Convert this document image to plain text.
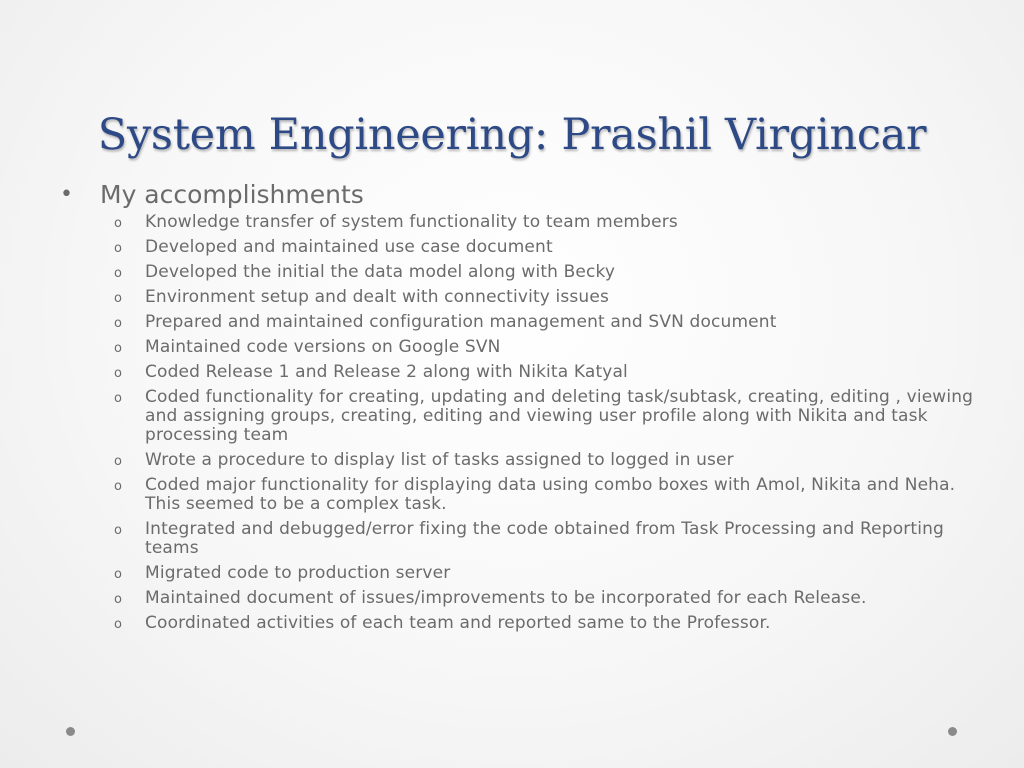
System Engineering: Prashil Virgincar
• My accomplishments
o Knowledge transfer of system functionality to team members
o Developed and maintained use case document
o Developed the initial the data model along with Becky
o Environment setup and dealt with connectivity issues
o Prepared and maintained configuration management and SVN document
o Maintained code versions on Google SVN
o Coded Release 1 and Release 2 along with Nikita Katyal
o Coded functionality for creating, updating and deleting task/subtask, creating, editing , viewing and assigning groups, creating, editing and viewing user profile along with Nikita and task processing team
o Wrote a procedure to display list of tasks assigned to logged in user
o Coded major functionality for displaying data using combo boxes with Amol, Nikita and Neha. This seemed to be a complex task.
o Integrated and debugged/error fixing the code obtained from Task Processing and Reporting teams
o Migrated code to production server
o Maintained document of issues/improvements to be incorporated for each Release.
o Coordinated activities of each team and reported same to the Professor.
